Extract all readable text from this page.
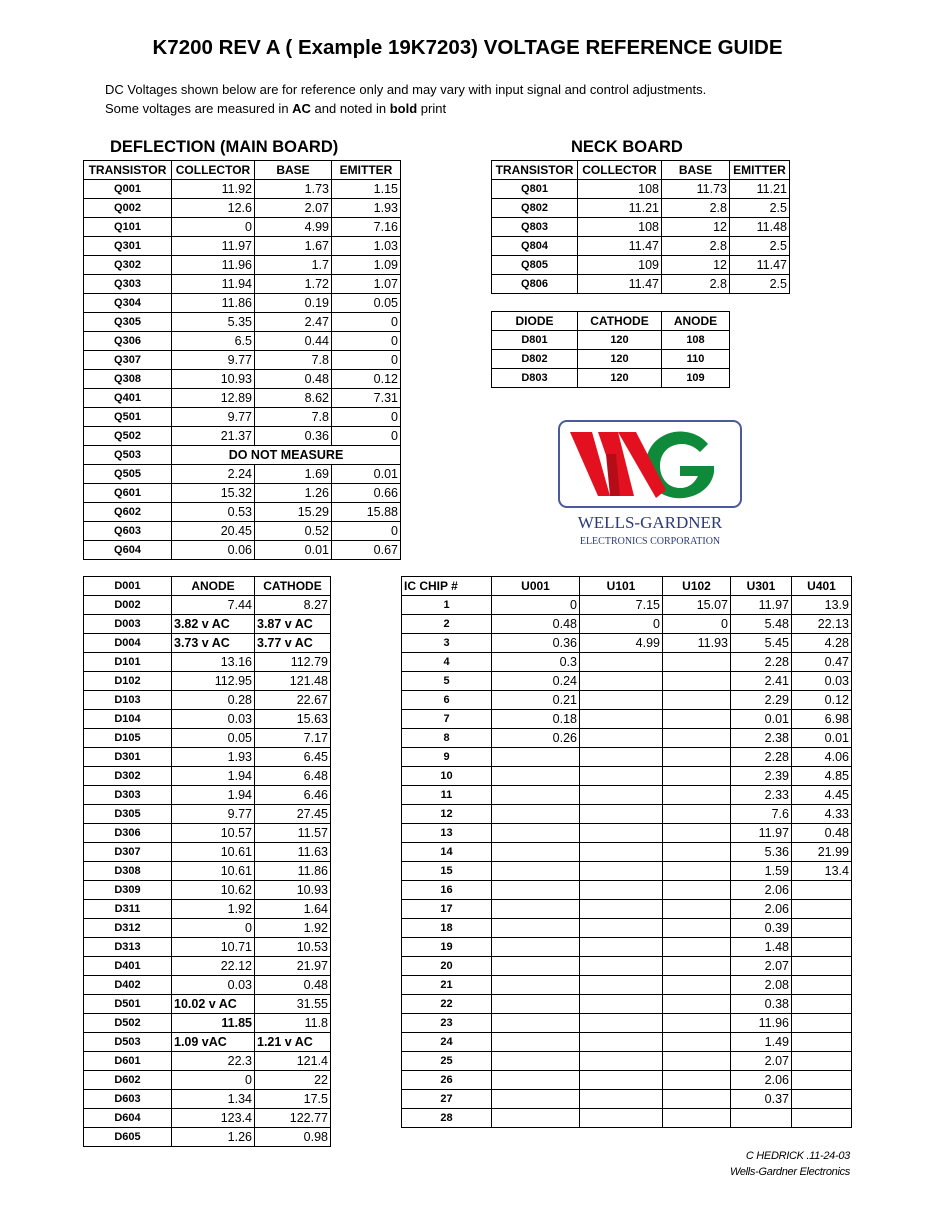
K7200 REV A ( Example 19K7203) VOLTAGE REFERENCE GUIDE
DC Voltages shown below are for reference only and may vary with input signal and control adjustments.
Some voltages are measured in AC and noted in bold print
DEFLECTION (MAIN BOARD)	NECK BOARD
TRANSISTOR	COLLECTOR	BASE	EMITTER
Q001	11.92	1.73	1.15
Q002	12.6	2.07	1.93
Q101	0	4.99	7.16
Q301	11.97	1.67	1.03
Q302	11.96	1.7	1.09
Q303	11.94	1.72	1.07
Q304	11.86	0.19	0.05
Q305	5.35	2.47	0
Q306	6.5	0.44	0
Q307	9.77	7.8	0
Q308	10.93	0.48	0.12
Q401	12.89	8.62	7.31
Q501	9.77	7.8	0
Q502	21.37	0.36	0
Q503	DO NOT MEASURE		
Q505	2.24	1.69	0.01
Q601	15.32	1.26	0.66
Q602	0.53	15.29	15.88
Q603	20.45	0.52	0
Q604	0.06	0.01	0.67
TRANSISTOR	COLLECTOR	BASE	EMITTER
Q801	108	11.73	11.21
Q802	11.21	2.8	2.5
Q803	108	12	11.48
Q804	11.47	2.8	2.5
Q805	109	12	11.47
Q806	11.47	2.8	2.5
DIODE	CATHODE	ANODE
D801	120	108
D802	120	110
D803	120	109
WELLS-GARDNER
ELECTRONICS CORPORATION
D001	ANODE	CATHODE
D002	7.44	8.27
D003	3.82 v AC	3.87 v AC
D004	3.73 v AC	3.77 v AC
D101	13.16	112.79
D102	112.95	121.48
D103	0.28	22.67
D104	0.03	15.63
D105	0.05	7.17
D301	1.93	6.45
D302	1.94	6.48
D303	1.94	6.46
D305	9.77	27.45
D306	10.57	11.57
D307	10.61	11.63
D308	10.61	11.86
D309	10.62	10.93
D311	1.92	1.64
D312	0	1.92
D313	10.71	10.53
D401	22.12	21.97
D402	0.03	0.48
D501	10.02 v AC	31.55
D502	11.85	11.8
D503	1.09 vAC	1.21 v AC
D601	22.3	121.4
D602	0	22
D603	1.34	17.5
D604	123.4	122.77
D605	1.26	0.98
IC CHIP #	U001	U101	U102	U301	U401
1	0	7.15	15.07	11.97	13.9
2	0.48	0	0	5.48	22.13
3	0.36	4.99	11.93	5.45	4.28
4	0.3			2.28	0.47
5	0.24			2.41	0.03
6	0.21			2.29	0.12
7	0.18			0.01	6.98
8	0.26			2.38	0.01
9				2.28	4.06
10				2.39	4.85
11				2.33	4.45
12				7.6	4.33
13				11.97	0.48
14				5.36	21.99
15				1.59	13.4
16				2.06	
17				2.06	
18				0.39	
19				1.48	
20				2.07	
21				2.08	
22				0.38	
23				11.96	
24				1.49	
25				2.07	
26				2.06	
27				0.37	
28					
C HEDRICK .11-24-03
Wells-Gardner Electronics
